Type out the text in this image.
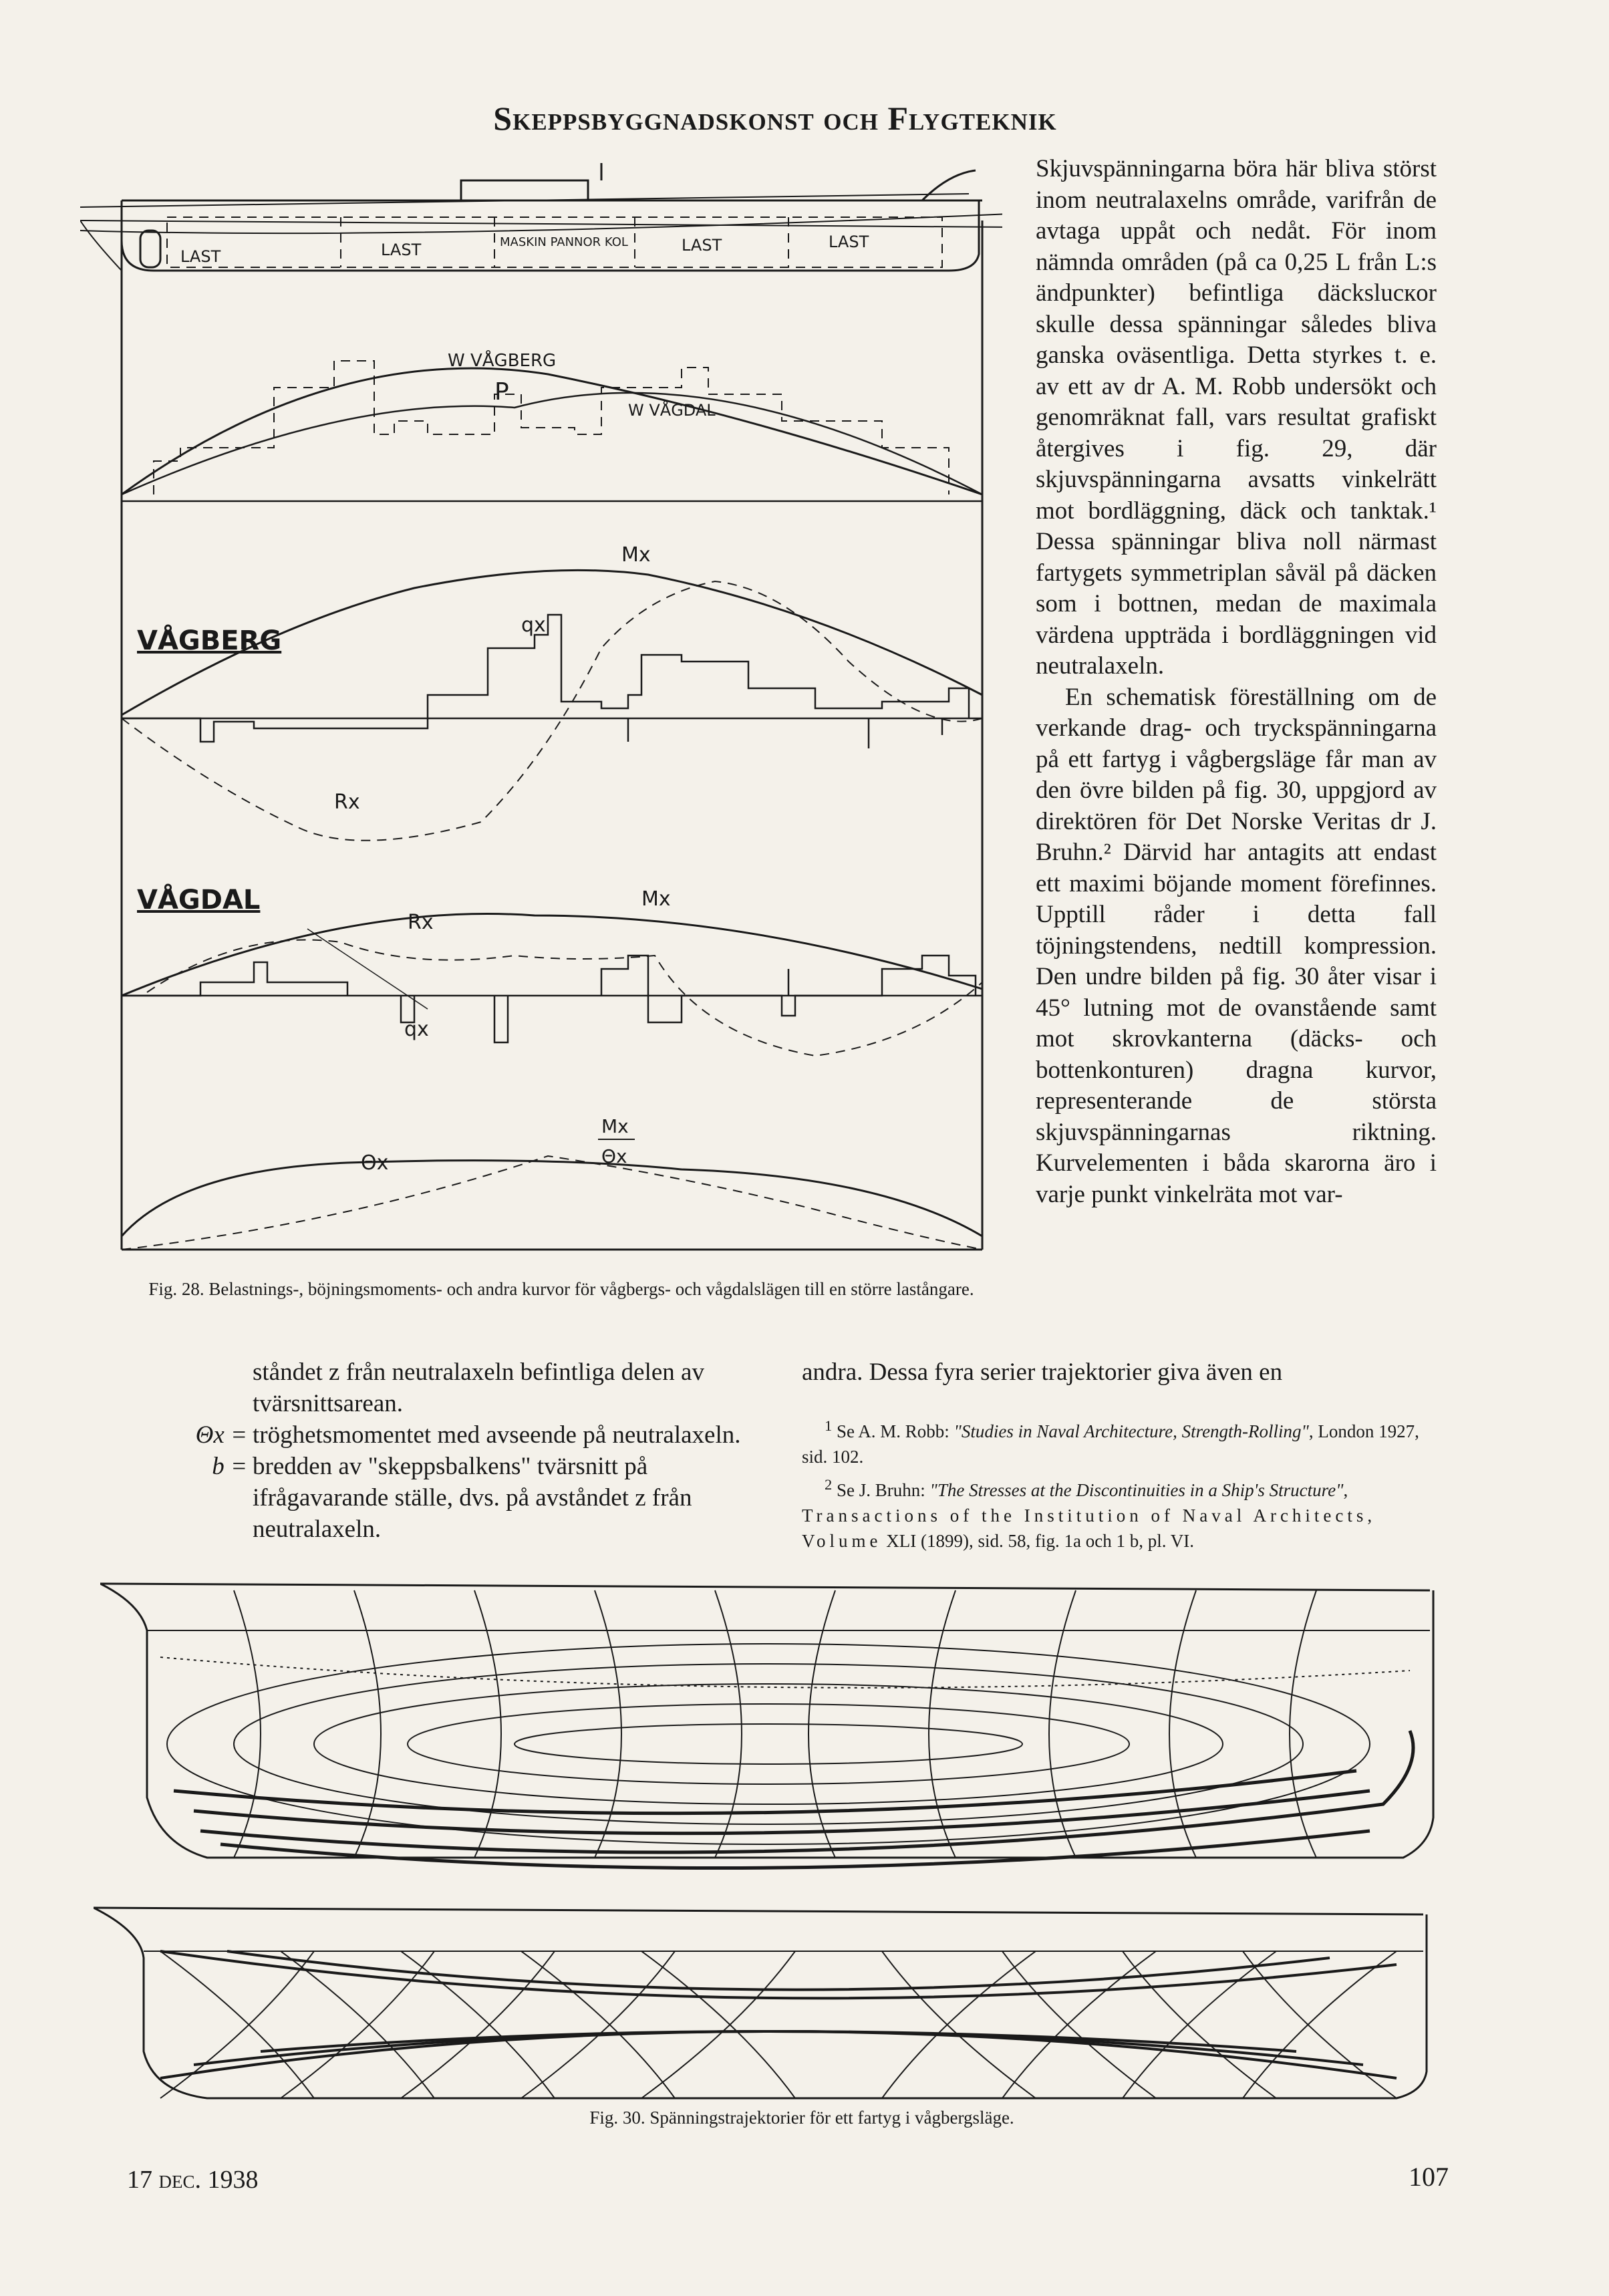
Skeppsbyggnadskonst och Flygteknik
LAST	LAST	MASKIN PANNOR KOL	LAST	LAST
W VÅGBERG
P
W VÅGDAL
Mx
VÅGBERG
qx
Rx
VÅGDAL
Rx
Mx
qx
Θx
Mx
Θx
Fig. 28. Belastnings-, böjningsmoments- och andra kurvor för vågbergs- och vågdalslägen till en större lastångare.

Skjuvspänningarna böra här bliva störst inom neutralaxelns område, varifrån de avtaga uppåt och nedåt. För inom nämnda områden (på ca 0,25 L från L:s ändpunkter) befintliga däckslucкor skulle dessa spänningar således bliva ganska oväsentliga. Detta styrkes t. e. av ett av dr A. M. Robb undersökt och genomräknat fall, vars resultat grafiskt återgives i fig. 29, där skjuvspänningarna avsatts vinkelrätt mot bordläggning, däck och tanktak.¹ Dessa spänningar bliva noll närmast fartygets symmetriplan såväl på däcken som i bottnen, medan de maximala värdena uppträda i bordläggningen vid neutralaxeln.

En schematisk föreställning om de verkande drag- och tryckspänningarna på ett fartyg i vågbergsläge får man av den övre bilden på fig. 30, uppgjord av direktören för Det Norske Veritas dr J. Bruhn.² Därvid har antagits att endast ett maximi böjande moment förefinnes. Upptill råder i detta fall töjningstendens, nedtill kompression. Den undre bilden på fig. 30 åter visar i 45° lutning mot de ovanstående samt mot skrovkanterna (däcks- och bottenkonturen) dragna kurvor, representerande de största skjuvspänningarnas riktning. Kurvelementen i båda skarorna äro i varje punkt vinkelräta mot var-

ståndet z från neutralaxeln befintliga delen av tvärsnittsarean.
Θx = tröghetsmomentet med avseende på neutralaxeln.
b = bredden av "skeppsbalkens" tvärsnitt på ifrågavarande ställe, dvs. på avståndet z från neutralaxeln.
andra. Dessa fyra serier trajektorier giva även en

$^1$ Se A. M. Robb: "Studies in Naval Architecture, Strength-Rolling", London 1927, sid. 102.

$^2$ Se J. Bruhn: "The Stresses at the Discontinuities in a Ship's Structure", Transactions of the Institution of Naval Architects, Volume XLI (1899), sid. 58, fig. 1a och 1 b, pl. VI.

Fig. 30. Spänningstrajektorier för ett fartyg i vågbergsläge.
17 dec. 1938	107
